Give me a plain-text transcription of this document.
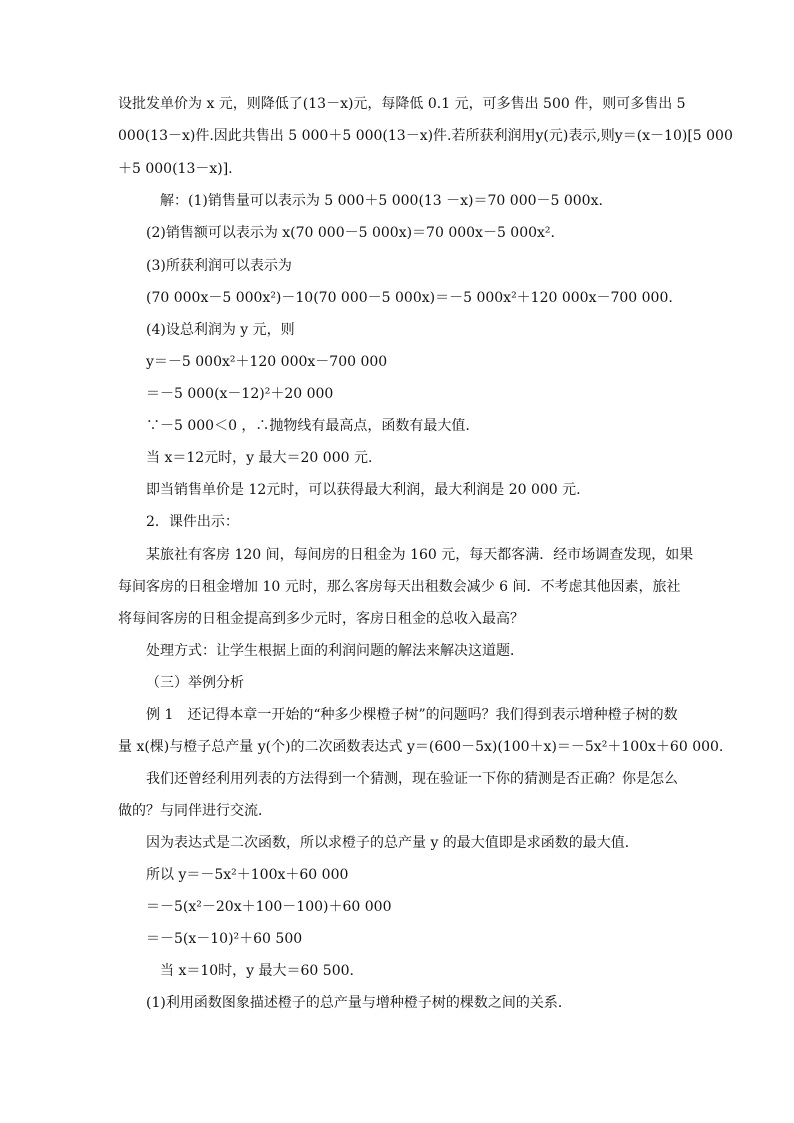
设批发单价为 x 元，则降低了(13－x)元，每降低 0.1 元，可多售出 500 件，则可多售出 5
000(13－x)件.因此共售出 5 000＋5 000(13－x)件.若所获利润用y(元)表示,则y＝(x－10)[5 000
＋5 000(13－x)].
解：(1)销售量可以表示为 5 000＋5 000(13 －x)＝70 000－5 000x.
(2)销售额可以表示为 x(70 000－5 000x)＝70 000x－5 000x².
(3)所获利润可以表示为
(70 000x－5 000x²)－10(70 000－5 000x)＝－5 000x²＋120 000x－700 000.
(4)设总利润为 y 元，则
y＝－5 000x²＋120 000x－700 000
＝－5 000(x－12)²＋20 000
∵－5 000＜0 ，∴抛物线有最高点，函数有最大值.
当 x＝12元时，y 最大＝20 000 元.
即当销售单价是 12元时，可以获得最大利润，最大利润是 20 000 元.
2．课件出示：
某旅社有客房 120 间，每间房的日租金为 160 元，每天都客满．经市场调查发现，如果
每间客房的日租金增加 10 元时，那么客房每天出租数会减少 6 间．不考虑其他因素，旅社
将每间客房的日租金提高到多少元时，客房日租金的总收入最高？
处理方式：让学生根据上面的利润问题的解法来解决这道题．
（三）举例分析
例 1　还记得本章一开始的“种多少棵橙子树”的问题吗？我们得到表示增种橙子树的数
量 x(棵)与橙子总产量 y(个)的二次函数表达式 y＝(600－5x)(100＋x)＝－5x²＋100x＋60 000.
我们还曾经利用列表的方法得到一个猜测，现在验证一下你的猜测是否正确？你是怎么
做的？与同伴进行交流．
因为表达式是二次函数，所以求橙子的总产量 y 的最大值即是求函数的最大值．
所以 y＝－5x²＋100x＋60 000
＝－5(x²－20x＋100－100)＋60 000
＝－5(x－10)²＋60 500
当 x＝10时，y 最大＝60 500.
(1)利用函数图象描述橙子的总产量与增种橙子树的棵数之间的关系．
